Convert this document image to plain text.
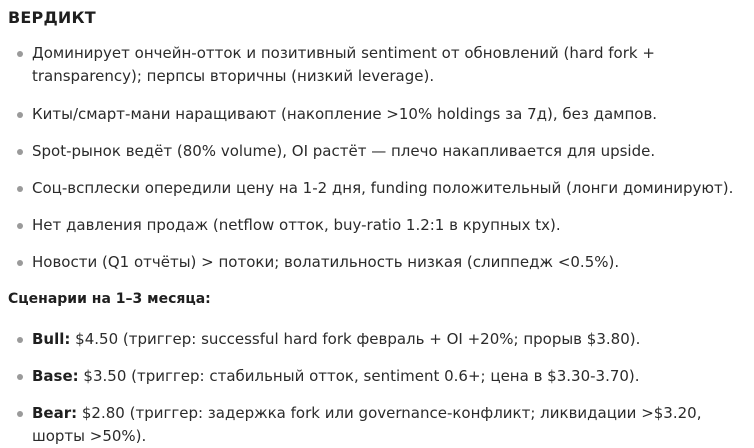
ВЕРДИКТ
Доминирует ончейн-отток и позитивный sentiment от обновлений (hard fork + transparency); перпсы вторичны (низкий leverage).
Киты/смарт-мани наращивают (накопление >10% holdings за 7д), без дампов.
Spot-рынок ведёт (80% volume), OI растёт — плечо накапливается для upside.
Соц-всплески опередили цену на 1-2 дня, funding положительный (лонги доминируют).
Нет давления продаж (netflow отток, buy-ratio 1.2:1 в крупных tx).
Новости (Q1 отчёты) > потоки; волатильность низкая (слиппедж <0.5%).
Сценарии на 1–3 месяца:
Bull: $4.50 (триггер: successful hard fork февраль + OI +20%; прорыв $3.80).
Base: $3.50 (триггер: стабильный отток, sentiment 0.6+; цена в $3.30-3.70).
Bear: $2.80 (триггер: задержка fork или governance-конфликт; ликвидации >$3.20, шорты >50%).
